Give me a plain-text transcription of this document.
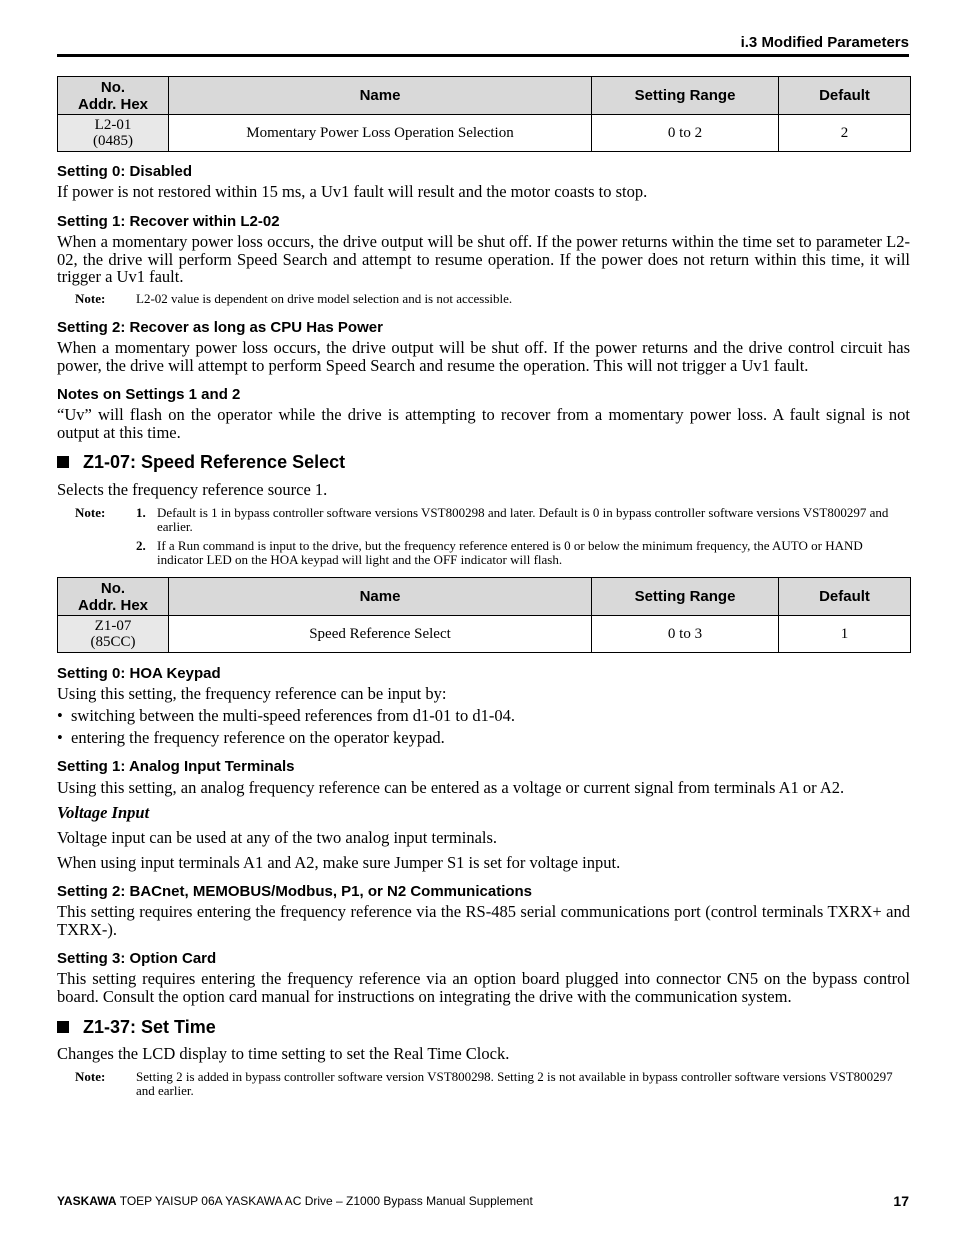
i.3 Modified Parameters
No.
Addr. Hex	Name	Setting Range	Default
L2-01
(0485)	Momentary Power Loss Operation Selection	0 to 2	2
Setting 0: Disabled
If power is not restored within 15 ms, a Uv1 fault will result and the motor coasts to stop.
Setting 1: Recover within L2-02
When a momentary power loss occurs, the drive output will be shut off. If the power returns within the time set to parameter L2-02, the drive will perform Speed Search and attempt to resume operation. If the power does not return within this time, it will trigger a Uv1 fault.
Note: L2-02 value is dependent on drive model selection and is not accessible.
Setting 2: Recover as long as CPU Has Power
When a momentary power loss occurs, the drive output will be shut off. If the power returns and the drive control circuit has power, the drive will attempt to perform Speed Search and resume the operation. This will not trigger a Uv1 fault.
Notes on Settings 1 and 2
“Uv” will flash on the operator while the drive is attempting to recover from a momentary power loss. A fault signal is not output at this time.
Z1-07: Speed Reference Select
Selects the frequency reference source 1.
Note: 1. Default is 1 in bypass controller software versions VST800298 and later. Default is 0 in bypass controller software versions VST800297 and earlier.
2. If a Run command is input to the drive, but the frequency reference entered is 0 or below the minimum frequency, the AUTO or HAND indicator LED on the HOA keypad will light and the OFF indicator will flash.
No.
Addr. Hex	Name	Setting Range	Default
Z1-07
(85CC)	Speed Reference Select	0 to 3	1
Setting 0: HOA Keypad
Using this setting, the frequency reference can be input by:
• switching between the multi-speed references from d1-01 to d1-04.
• entering the frequency reference on the operator keypad.
Setting 1: Analog Input Terminals
Using this setting, an analog frequency reference can be entered as a voltage or current signal from terminals A1 or A2.
Voltage Input
Voltage input can be used at any of the two analog input terminals.
When using input terminals A1 and A2, make sure Jumper S1 is set for voltage input.
Setting 2: BACnet, MEMOBUS/Modbus, P1, or N2 Communications
This setting requires entering the frequency reference via the RS-485 serial communications port (control terminals TXRX+ and TXRX-).
Setting 3: Option Card
This setting requires entering the frequency reference via an option board plugged into connector CN5 on the bypass control board. Consult the option card manual for instructions on integrating the drive with the communication system.
Z1-37: Set Time
Changes the LCD display to time setting to set the Real Time Clock.
Note: Setting 2 is added in bypass controller software version VST800298. Setting 2 is not available in bypass controller software versions VST800297 and earlier.
YASKAWA TOEP YAISUP 06A YASKAWA AC Drive – Z1000 Bypass Manual Supplement	17
